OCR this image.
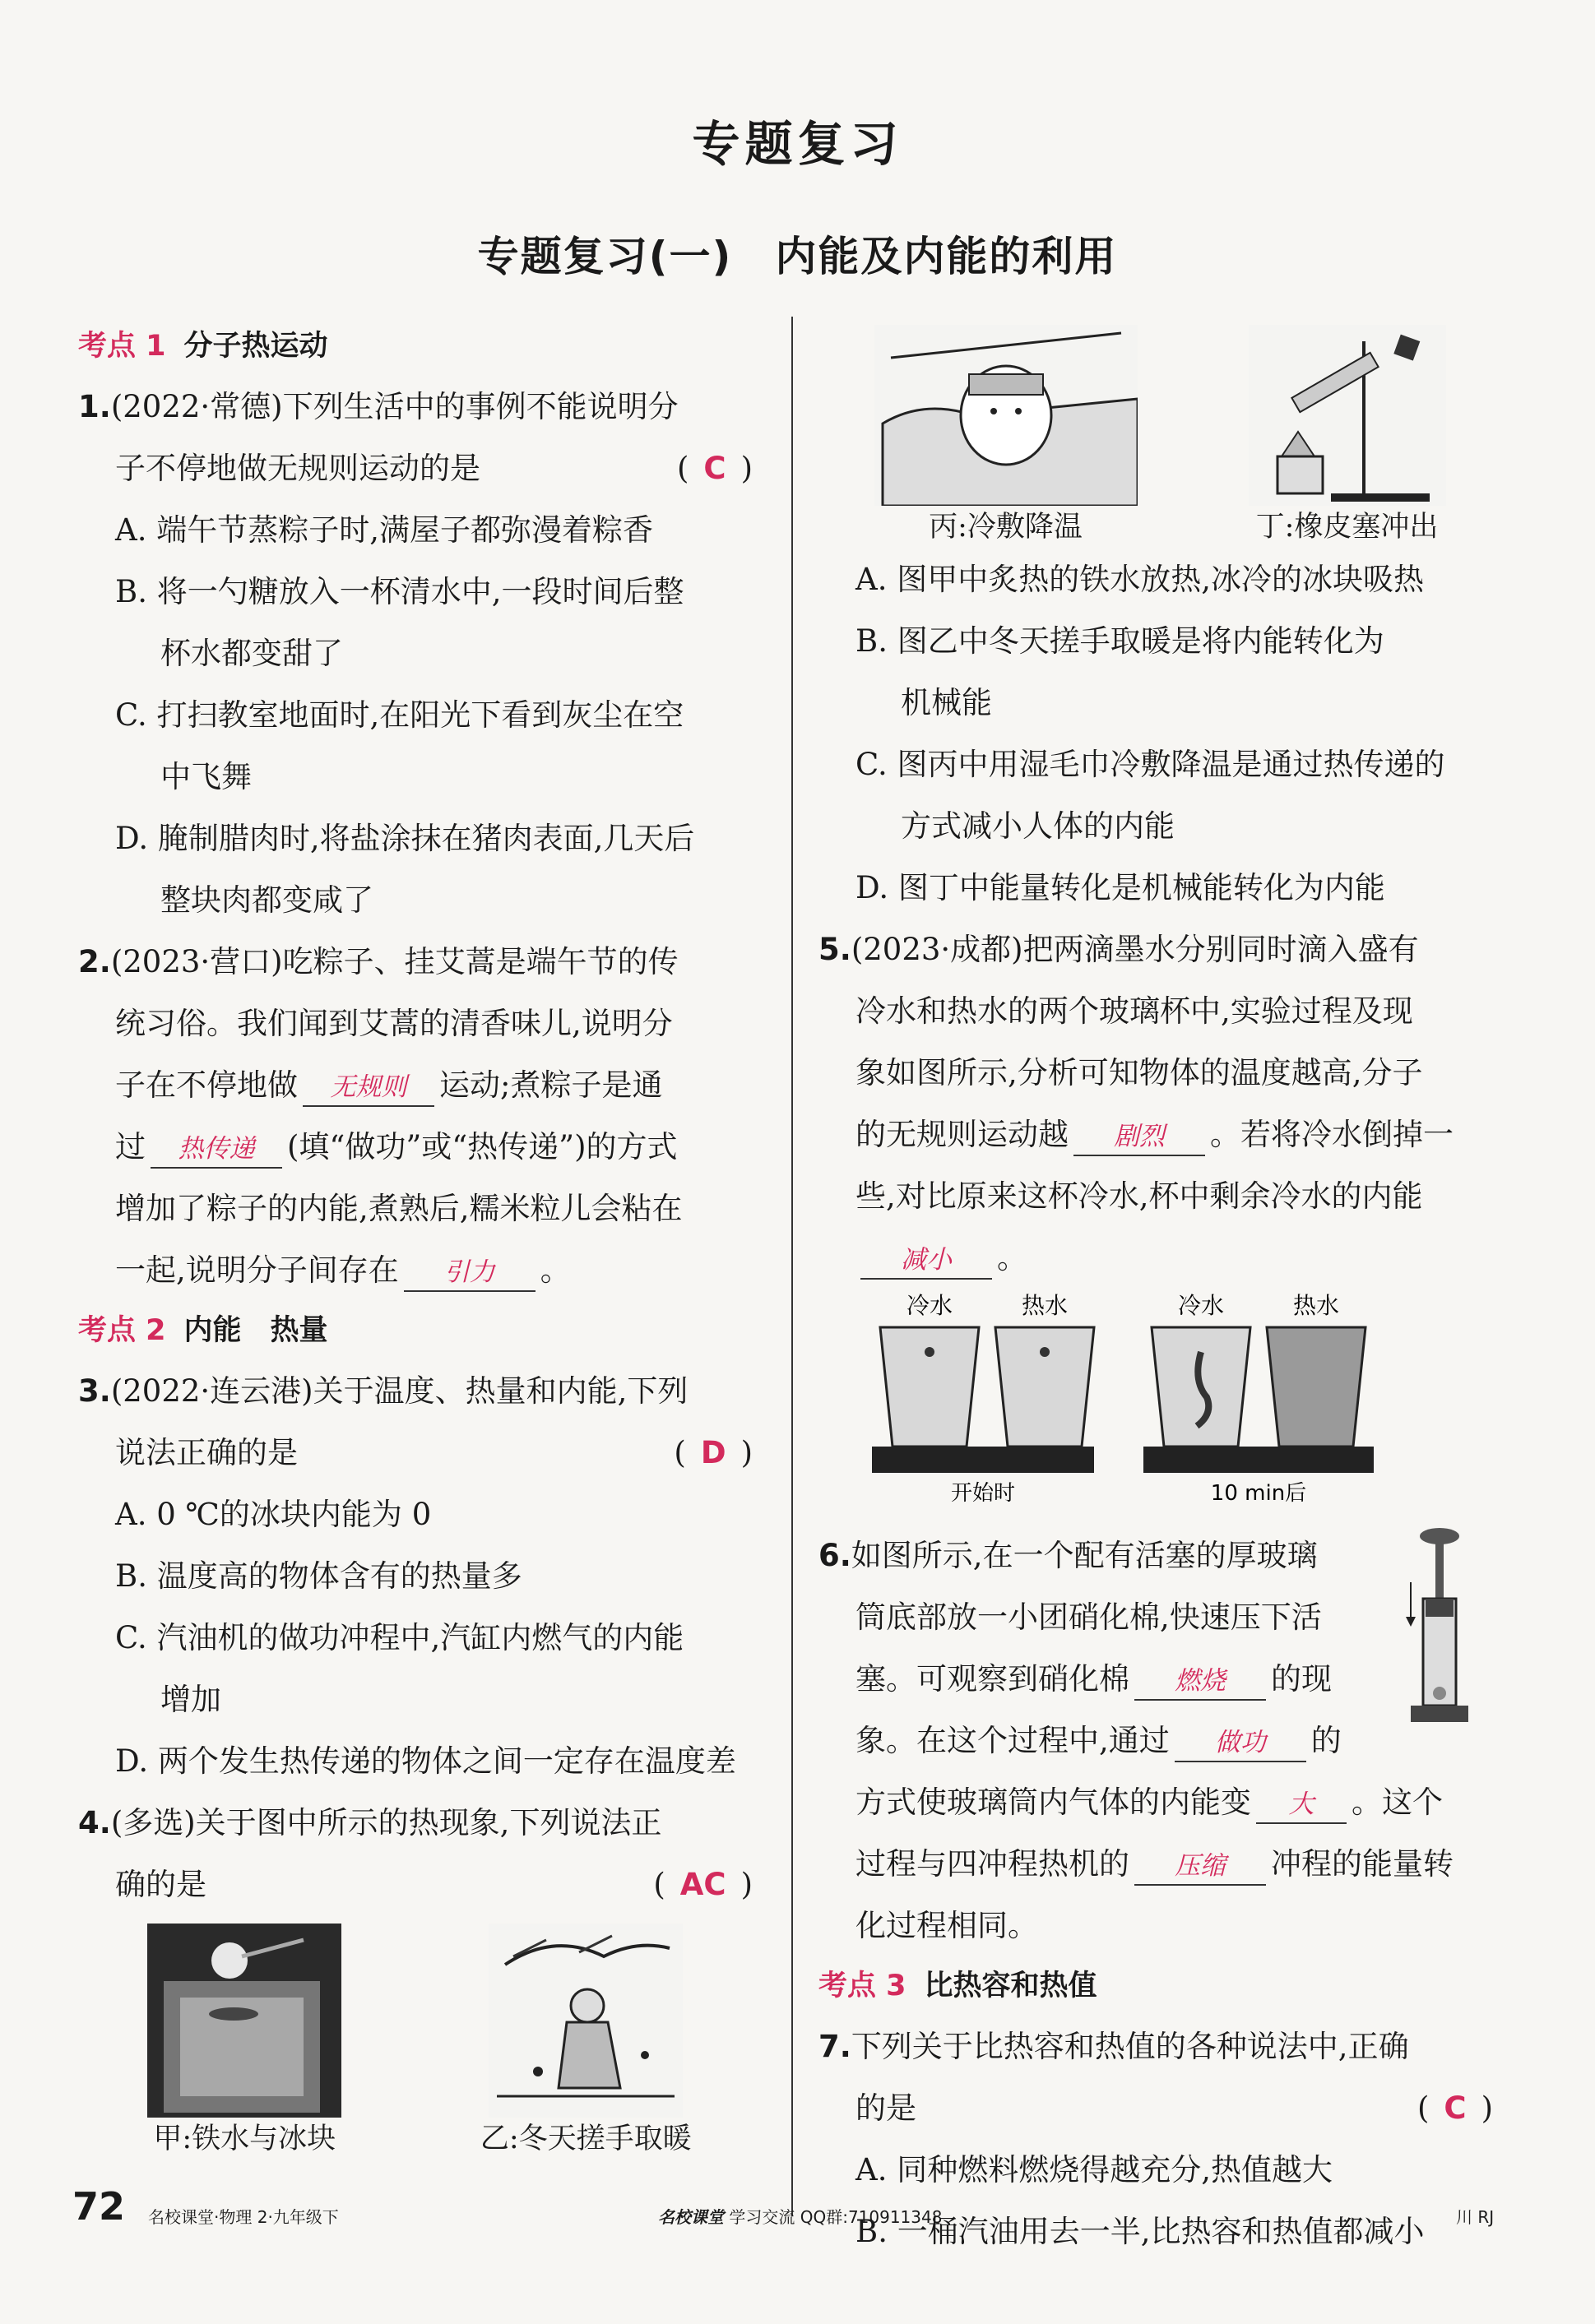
专题复习
专题复习(一)　内能及内能的利用
考点 1 分子热运动
1.(2022·常德)下列生活中的事例不能说明分
子不停地做无规则运动的是	( C )
A. 端午节蒸粽子时,满屋子都弥漫着粽香
B. 将一勺糖放入一杯清水中,一段时间后整
杯水都变甜了
C. 打扫教室地面时,在阳光下看到灰尘在空
中飞舞
D. 腌制腊肉时,将盐涂抹在猪肉表面,几天后
整块肉都变咸了
2.(2023·营口)吃粽子、挂艾蒿是端午节的传
统习俗。我们闻到艾蒿的清香味儿,说明分
子在不停地做 无规则 运动;煮粽子是通
过 热传递 (填“做功”或“热传递”)的方式
增加了粽子的内能,煮熟后,糯米粒儿会粘在
一起,说明分子间存在 引力 。
考点 2 内能　热量
3.(2022·连云港)关于温度、热量和内能,下列
说法正确的是	( D )
A. 0 ℃的冰块内能为 0
B. 温度高的物体含有的热量多
C. 汽油机的做功冲程中,汽缸内燃气的内能
增加
D. 两个发生热传递的物体之间一定存在温度差
4.(多选)关于图中所示的热现象,下列说法正
确的是	( AC )
甲:铁水与冰块	乙:冬天搓手取暖
丙:冷敷降温	丁:橡皮塞冲出
A. 图甲中炙热的铁水放热,冰冷的冰块吸热
B. 图乙中冬天搓手取暖是将内能转化为
机械能
C. 图丙中用湿毛巾冷敷降温是通过热传递的
方式减小人体的内能
D. 图丁中能量转化是机械能转化为内能
5.(2023·成都)把两滴墨水分别同时滴入盛有
冷水和热水的两个玻璃杯中,实验过程及现
象如图所示,分析可知物体的温度越高,分子
的无规则运动越 剧烈 。若将冷水倒掉一
些,对比原来这杯冷水,杯中剩余冷水的内能
减小 。
冷水	热水	冷水	热水
开始时	10 min后
6.如图所示,在一个配有活塞的厚玻璃
筒底部放一小团硝化棉,快速压下活
塞。可观察到硝化棉 燃烧 的现
象。在这个过程中,通过 做功 的
方式使玻璃筒内气体的内能变 大 。这个
过程与四冲程热机的 压缩 冲程的能量转
化过程相同。
考点 3 比热容和热值
7.下列关于比热容和热值的各种说法中,正确
的是	( C )
A. 同种燃料燃烧得越充分,热值越大
B. 一桶汽油用去一半,比热容和热值都减小
72 名校课堂·物理 2·九年级下	名校课堂 学习交流 QQ群:710911348	川 RJ
